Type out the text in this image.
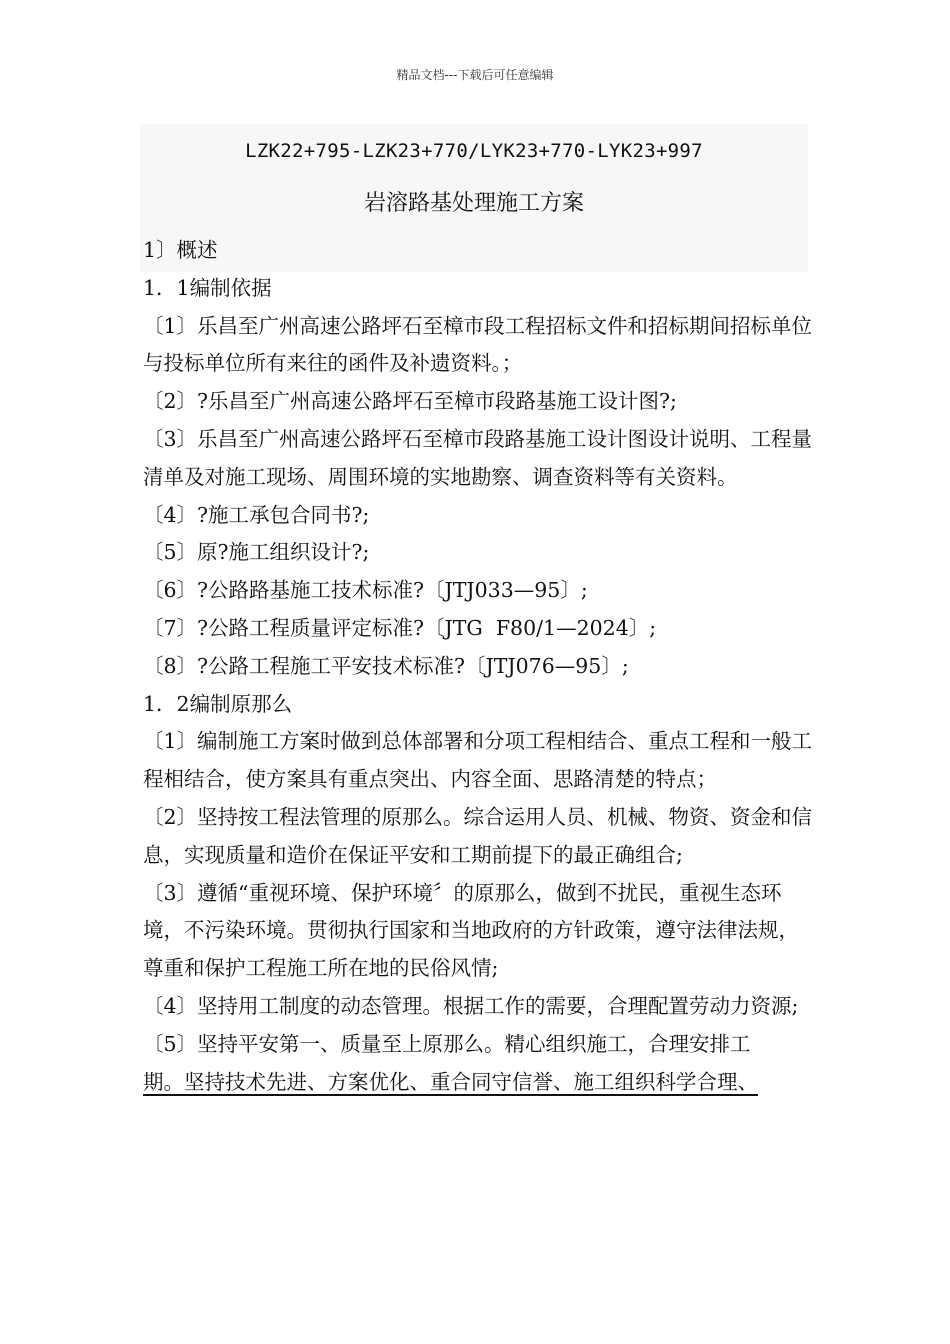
精品文档---下载后可任意编辑
LZK22+795-LZK23+770/LYK23+770-LYK23+997
岩溶路基处理施工方案

1〕概述

1．1编制依据

〔1〕乐昌至广州高速公路坪石至樟市段工程招标文件和招标期间招标单位与投标单位所有来往的函件及补遗资料。；

〔2〕?乐昌至广州高速公路坪石至樟市段路基施工设计图?;

〔3〕乐昌至广州高速公路坪石至樟市段路基施工设计图设计说明、工程量清单及对施工现场、周围环境的实地勘察、调查资料等有关资料。

〔4〕?施工承包合同书?;

〔5〕原?施工组织设计?;

〔6〕?公路路基施工技术标准?〔JTJ033—95〕;

〔7〕?公路工程质量评定标准?〔JTG  F80/1—2024〕;

〔8〕?公路工程施工平安技术标准?〔JTJ076—95〕;

1．2编制原那么

〔1〕编制施工方案时做到总体部署和分项工程相结合、重点工程和一般工程相结合，使方案具有重点突出、内容全面、思路清楚的特点；

〔2〕坚持按工程法管理的原那么。综合运用人员、机械、物资、资金和信息，实现质量和造价在保证平安和工期前提下的最正确组合;

〔3〕遵循“重视环境、保护环境〞的原那么，做到不扰民，重视生态环境，不污染环境。贯彻执行国家和当地政府的方针政策，遵守法律法规，尊重和保护工程施工所在地的民俗风情;

〔4〕坚持用工制度的动态管理。根据工作的需要，合理配置劳动力资源;

〔5〕坚持平安第一、质量至上原那么。精心组织施工，合理安排工

期。坚持技术先进、方案优化、重合同守信誉、施工组织科学合理、
